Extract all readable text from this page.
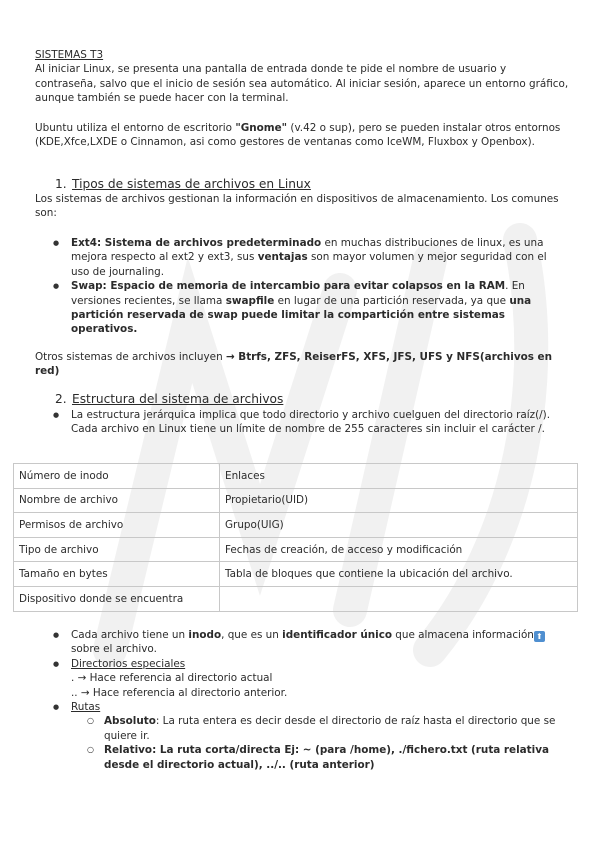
SISTEMAS T3
Al iniciar Linux, se presenta una pantalla de entrada donde te pide el nombre de usuario y contraseña, salvo que el inicio de sesión sea automático. Al iniciar sesión, aparece un entorno gráfico, aunque también se puede hacer con la terminal.
Ubuntu utiliza el entorno de escritorio "Gnome" (v.42 o sup), pero se pueden instalar otros entornos (KDE,Xfce,LXDE o Cinnamon, asi como gestores de ventanas como IceWM, Fluxbox y Openbox).
1. Tipos de sistemas de archivos en Linux
Los sistemas de archivos gestionan la información en dispositivos de almacenamiento. Los comunes son:
● Ext4: Sistema de archivos predeterminado en muchas distribuciones de linux, es una mejora respecto al ext2 y ext3, sus ventajas son mayor volumen y mejor seguridad con el uso de journaling.
● Swap: Espacio de memoria de intercambio para evitar colapsos en la RAM. En versiones recientes, se llama swapfile en lugar de una partición reservada, ya que una partición reservada de swap puede limitar la compartición entre sistemas operativos.
Otros sistemas de archivos incluyen → Btrfs, ZFS, ReiserFS, XFS, JFS, UFS y NFS(archivos en red)
2. Estructura del sistema de archivos
● La estructura jerárquica implica que todo directorio y archivo cuelguen del directorio raíz(/). Cada archivo en Linux tiene un límite de nombre de 255 caracteres sin incluir el carácter /.
Número de inodo	Enlaces
Nombre de archivo	Propietario(UID)
Permisos de archivo	Grupo(UIG)
Tipo de archivo	Fechas de creación, de acceso y modificación
Tamaño en bytes	Tabla de bloques que contiene la ubicación del archivo.
Dispositivo donde se encuentra	
● Cada archivo tiene un inodo, que es un identificador único que almacena información ⬆ sobre el archivo.
● Directorios especiales
. → Hace referencia al directorio actual
.. → Hace referencia al directorio anterior.
● Rutas
○ Absoluto: La ruta entera es decir desde el directorio de raíz hasta el directorio que se quiere ir.
○ Relativo: La ruta corta/directa Ej: ~ (para /home), ./fichero.txt (ruta relativa desde el directorio actual), ../.. (ruta anterior)
